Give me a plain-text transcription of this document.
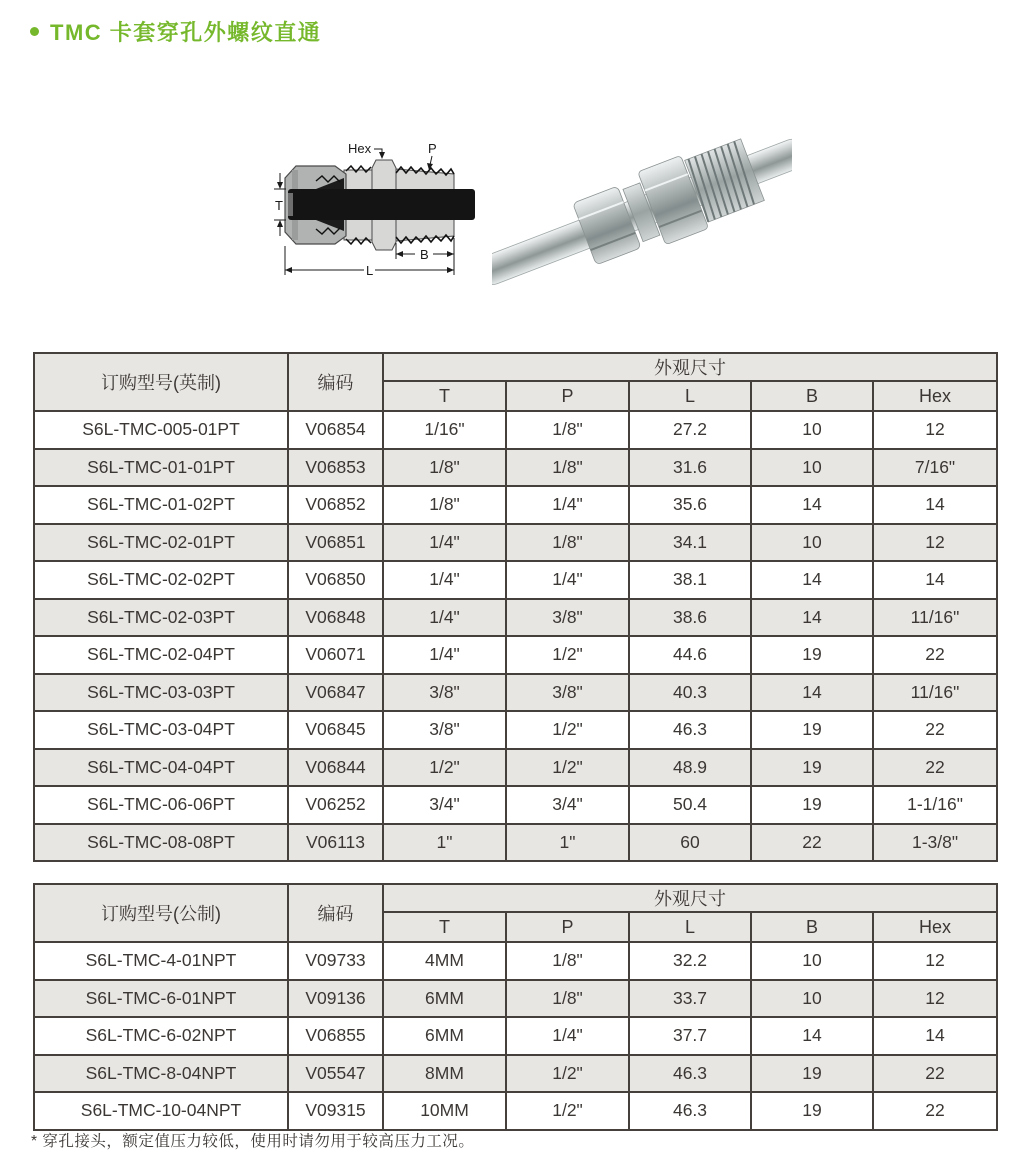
TMC 卡套穿孔外螺纹直通
T
Hex	P
B
L
订购型号(英制)	编码	外观尺寸				
		T	P	L	B	Hex
S6L-TMC-005-01PT	V06854	1/16"	1/8"	27.2	10	12
S6L-TMC-01-01PT	V06853	1/8"	1/8"	31.6	10	7/16"
S6L-TMC-01-02PT	V06852	1/8"	1/4"	35.6	14	14
S6L-TMC-02-01PT	V06851	1/4"	1/8"	34.1	10	12
S6L-TMC-02-02PT	V06850	1/4"	1/4"	38.1	14	14
S6L-TMC-02-03PT	V06848	1/4"	3/8"	38.6	14	11/16"
S6L-TMC-02-04PT	V06071	1/4"	1/2"	44.6	19	22
S6L-TMC-03-03PT	V06847	3/8"	3/8"	40.3	14	11/16"
S6L-TMC-03-04PT	V06845	3/8"	1/2"	46.3	19	22
S6L-TMC-04-04PT	V06844	1/2"	1/2"	48.9	19	22
S6L-TMC-06-06PT	V06252	3/4"	3/4"	50.4	19	1-1/16"
S6L-TMC-08-08PT	V06113	1"	1"	60	22	1-3/8"
订购型号(公制)	编码	外观尺寸				
		T	P	L	B	Hex
S6L-TMC-4-01NPT	V09733	4MM	1/8"	32.2	10	12
S6L-TMC-6-01NPT	V09136	6MM	1/8"	33.7	10	12
S6L-TMC-6-02NPT	V06855	6MM	1/4"	37.7	14	14
S6L-TMC-8-04NPT	V05547	8MM	1/2"	46.3	19	22
S6L-TMC-10-04NPT	V09315	10MM	1/2"	46.3	19	22
* 穿孔接头，额定值压力较低，使用时请勿用于较高压力工况。
